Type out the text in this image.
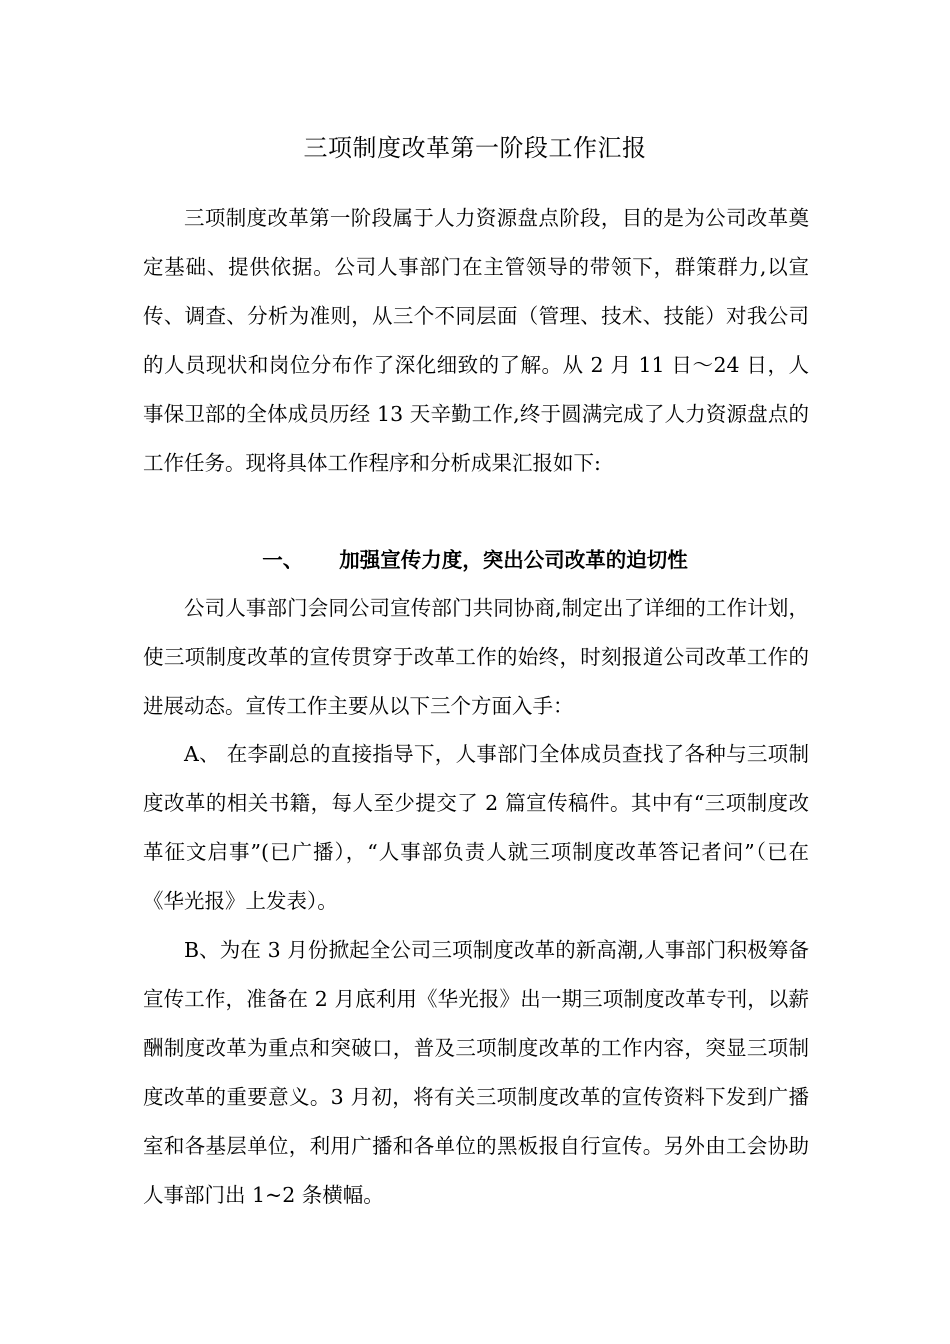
三项制度改革第一阶段工作汇报

三项制度改革第一阶段属于人力资源盘点阶段，目的是为公司改革奠定基础、提供依据。公司人事部门在主管领导的带领下，群策群力,以宣传、调查、分析为准则，从三个不同层面（管理、技术、技能）对我公司的人员现状和岗位分布作了深化细致的了解。从 2 月 11 日～24 日，人事保卫部的全体成员历经 13 天辛勤工作,终于圆满完成了人力资源盘点的工作任务。现将具体工作程序和分析成果汇报如下:

一、 加强宣传力度，突出公司改革的迫切性

公司人事部门会同公司宣传部门共同协商,制定出了详细的工作计划，使三项制度改革的宣传贯穿于改革工作的始终，时刻报道公司改革工作的进展动态。宣传工作主要从以下三个方面入手：

A、 在李副总的直接指导下，人事部门全体成员查找了各种与三项制度改革的相关书籍，每人至少提交了 2 篇宣传稿件。其中有“三项制度改革征文启事”(已广播），“人事部负责人就三项制度改革答记者问”（已在《华光报》上发表）。

B、为在 3 月份掀起全公司三项制度改革的新高潮,人事部门积极筹备宣传工作，准备在 2 月底利用《华光报》出一期三项制度改革专刊，以薪酬制度改革为重点和突破口，普及三项制度改革的工作内容，突显三项制度改革的重要意义。3 月初，将有关三项制度改革的宣传资料下发到广播室和各基层单位，利用广播和各单位的黑板报自行宣传。另外由工会协助人事部门出 1~2 条横幅。
